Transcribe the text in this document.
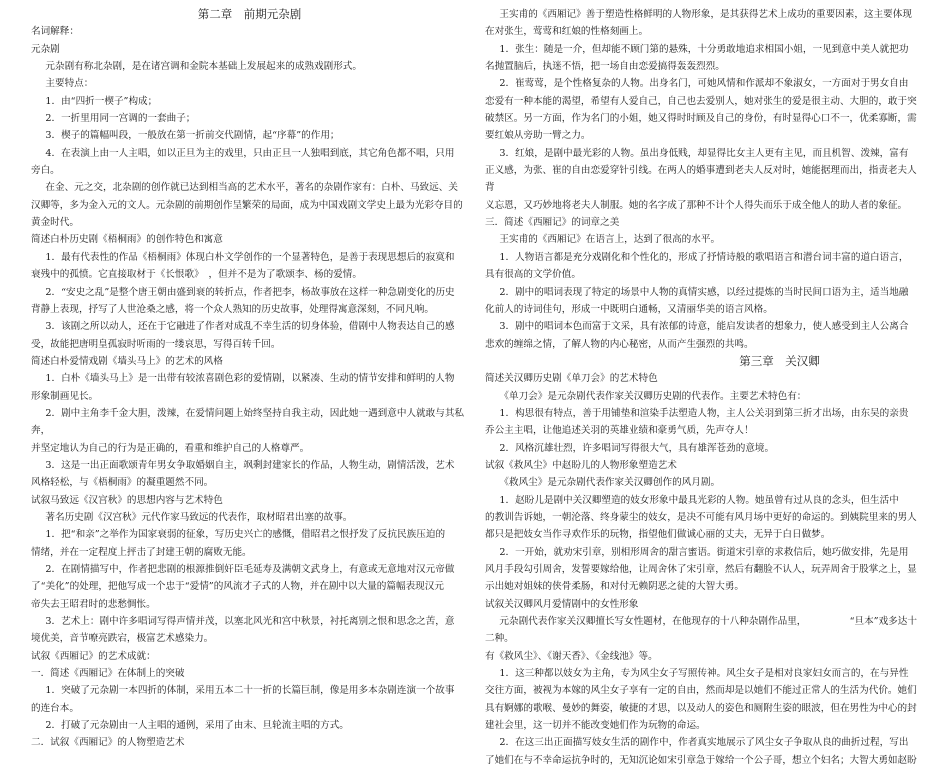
第二章　前期元杂剧

名词解释：

元杂剧

元杂剧有称北杂剧，是在诸宫调和金院本基础上发展起来的成熟戏剧形式。

主要特点：

1．由“四折一楔子”构成；

2．一折里用同一宫调的一套曲子；

3．楔子的篇幅叫段，一般放在第一折前交代剧情，起“序幕”的作用；

4．在表演上由一人主唱，如以正旦为主的戏里，只由正旦一人独唱到底，其它角色都不唱，只用

旁白。

在金、元之交，北杂剧的创作就已达到相当高的艺术水平，著名的杂剧作家有：白朴、马致远、关

汉卿等，多为金入元的文人。元杂剧的前期创作呈繁荣的局面，成为中国戏剧文学史上最为光彩夺目的

黄金时代。

简述白朴历史剧《梧桐雨》的创作特色和寓意

1．最有代表性的作品《梧桐雨》体现白朴文学创作的一个显著特色，是善于表现思想后的寂寞和

衰残中的孤愤。它直接取材于《长恨歌》　，但并不是为了歌颂李、杨的爱情。

2．“安史之乱”是整个唐王朝由盛到衰的转折点，作者把李，杨故事放在这样一种急剧变化的历史

背静上表现，抒写了人世沧桑之感，将一个众人熟知的历史故事，处理得寓意深刻，不同凡响。

3．该剧之所以动人，还在于它融进了作者对成乱不幸生活的切身体验，借剧中人物表达自己的感

受，故能把唐明皇孤寂时听雨的一缕哀思，写得百转千回。

简述白朴爱情戏剧《墙头马上》的艺术的风格

1．白朴《墙头马上》是一出带有较浓喜剧色彩的爱情剧，以紧凑、生动的情节安排和鲜明的人物

形象制画见长。

2．剧中主角李千金大胆，泼辣，在爱情问题上始终坚持自我主动，因此她一遇到意中人就敢与其私奔，

并坚定地认为自己的行为是正确的，看重和维护自己的人格尊严。

3．这是一出正面歌颂青年男女争取婚姻自主，飒剩封建家长的作品，人物生动，剧情活泼，艺术

风格轻松，与《梧桐雨》的凝重题然不同。

试叙马致远《汉宫秋》的思想内容与艺术特色

著名历史剧《汉宫秋》元代作家马致远的代表作，取材昭君出塞的故事。

1．把“和亲”之举作为国家衰弱的征象，写历史兴亡的感慨，借昭君之恨抒发了反抗民族压迫的

情绪，并在一定程度上抨击了封建王朝的腐败无能。

2．在剧情描写中，作者把悲剧的根源推倒奸臣毛延寿及满朝文武身上，有意或无意地对汉元帝做

了“美化”的处理，把他写成一个忠于“爱情”的风流才子式的人物，并在剧中以大量的篇幅表现汉元

帝失去王昭君时的悲愁惆怅。

3．艺术上：剧中许多唱词写得声情并茂，以塞北风光和宫中秋景，衬托离别之恨和思念之苦，意

境优美，音节嘹亮跌宕，极富艺术感染力。

试叙《西厢记》的艺术成就：

一．简述《西厢记》在体制上的突破

1．突破了元杂剧一本四折的体制，采用五本二十一折的长篇巨制，像是用多本杂剧连演一个故事

的连台本。

2．打破了元杂剧由一人主唱的通例，采用了由末、旦轮流主唱的方式。

二．试叙《西厢记》的人物塑造艺术

王实甫的《西厢记》善于塑造性格鲜明的人物形象，是其获得艺术上成功的重要因素，这主要体现

在对张生，莺莺和红娘的性格刻画上。

1．张生：随是一介，但却能不顾门第的悬殊，十分勇敢地追求相国小姐，一见到意中美人就把功

名抛置脑后，执迷不悟，把一场自由恋爱搞得轰轰烈烈。

2．崔莺莺，是个性格复杂的人物。出身名门，可她风情和作派却不象淑女，一方面对于男女自由

恋爱有一种本能的渴望，希望有人爱自己，自己也去爱别人，她对张生的爱是很主动、大胆的，敢于突

破禁区。另一方面，作为名门的小姐，她又得时时顾及自己的身份，有时显得心口不一，优柔寡断，需

要红娘从旁助一臂之力。

3．红娘，是剧中最光彩的人物。虽出身低贱，却显得比女主人更有主见，而且机智、泼辣，富有

正义感，为张、崔的自由恋爱穿针引线。在两人的婚事遭到老夫人反对时，她能据理而出，指责老夫人背

义忘恩，又巧妙地将老夫人制服。她的名字成了那种不计个人得失而乐于成全他人的助人者的象征。

三．简述《西厢记》的词章之美

王实甫的《西厢记》在语言上，达到了很高的水平。

1．人物语言都是充分戏剧化和个性化的，形成了抒情诗般的歌唱语言和潜台词丰富的道白语言，

具有很高的文学价值。

2．剧中的唱词表现了特定的场景中人物的真情实感，以经过提炼的当时民间口语为主，适当地融

化前人的诗词佳句，形成一中既明白通畅，又清丽华美的语言风格。

3．剧中的唱词本色而富于文采，具有浓郁的诗意，能启发读者的想象力，使人感受到主人公离合

悲欢的缠绵之情，了解人物的内心秘密，从而产生强烈的共鸣。

第三章　关汉卿

简述关汉卿历史剧《单刀会》的艺术特色

《单刀会》是元杂剧代表作家关汉卿历史剧的代表作。主要艺术特色有：

1．构思很有特点，善于用铺垫和渲染手法塑造人物，主人公关羽到第三折才出场，由东吴的亲贵

乔公主主唱，让他追述关羽的英雄业绩和豪勇气质，先声夺人！

2．风格沉雄壮烈，许多唱词写得很大气，具有雄浑苍劲的意境。

试叙《救风尘》中赵盼儿的人物形象塑造艺术

《救风尘》是元杂剧代表作家关汉卿创作的风月剧。

1．赵盼儿是剧中关汉卿塑造的妓女形象中最具光彩的人物。她虽曾有过从良的念头，但生活中

的教训告诉她，一朝沦落、终身蒙尘的妓女，是决不可能有风月场中更好的命运的。到姨院里来的男人

都只是把妓女当作寻欢作乐的玩物，指望他们做诚心丽的丈夫，无异于白日做梦。

2．一开始，就劝宋引章，别相形周舍的甜言蜜语。街道宋引章的求救信后，她巧做安排，先是用

风月手段勾引周舍，发誓要嫁给他，让周舍休了宋引章，然后有翻脸不认人，玩弄周舍于股掌之上，显

示出她对姐妹的侠骨柔肠，和对付无赖阴恶之徒的大智大勇。

试叙关汉卿风月爱情剧中的女性形象

元杂剧代表作家关汉卿擅长写女性题材，在他现存的十八种杂剧作品里，	“旦本”戏多达十二种。

有《救风尘》、《谢天香》、《金线池》等。

1．这三种都以妓女为主角，专为风尘女子写照传神。风尘女子是相对良家妇女而言的，在与异性

交往方面，被视为本嫁的风尘女子享有一定的自由，然而却是以她们不能过正常人的生活为代价。她们

具有婀娜的歌喉、曼妙的舞姿，敏捷的才思，以及动人的姿色和厕附生姿的眼波，但在男性为中心的封

建社会里，这一切并不能改变她们作为玩物的命运。

2．在这三出正面描写妓女生活的剧作中，作者真实地展示了风尘女子争取从良的曲折过程，写出

了她们在与不幸命运抗争时的，无知沉论如宋引章急于嫁给一个公子哥，想立个妇名；大智大勇如赵盼
